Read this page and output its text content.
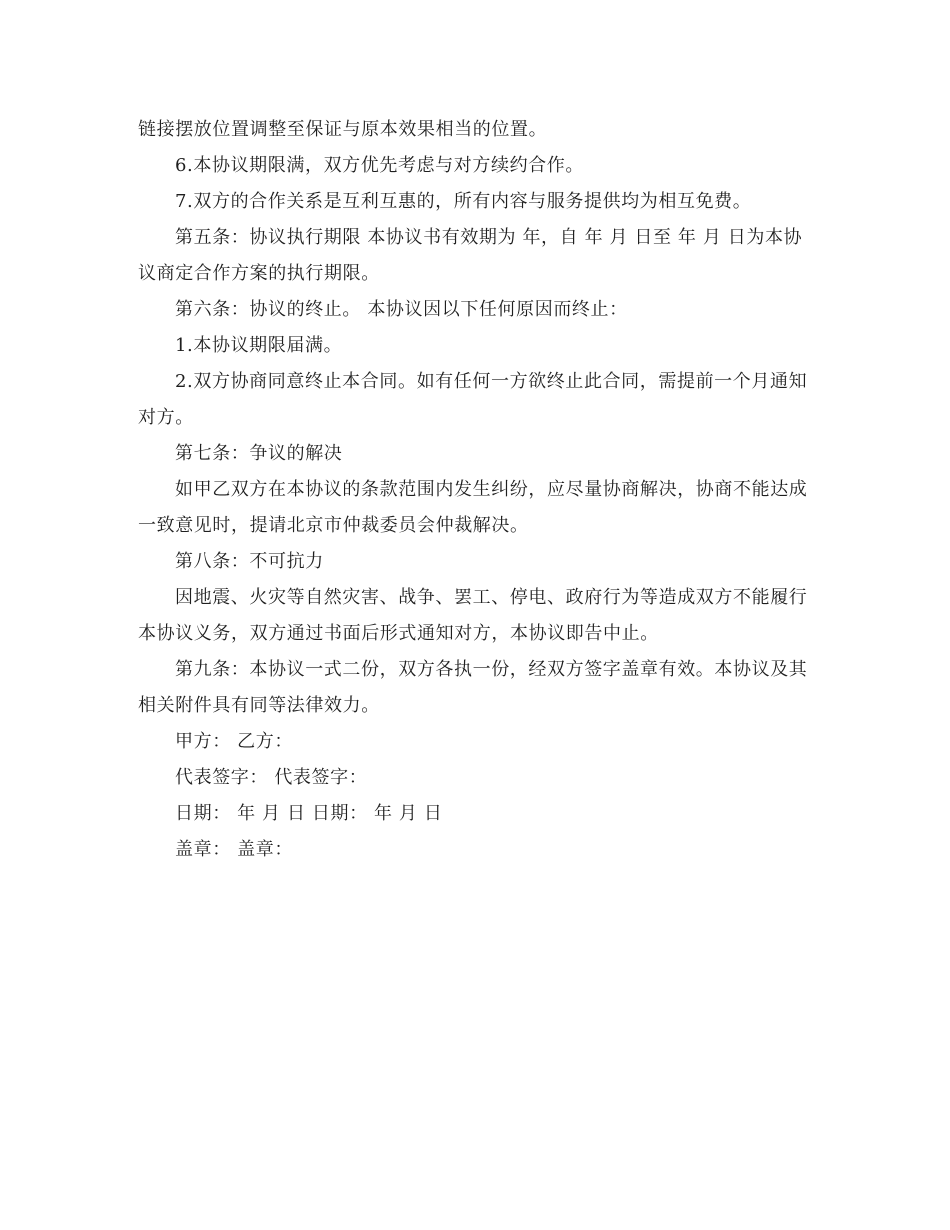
链接摆放位置调整至保证与原本效果相当的位置。

6.本协议期限满，双方优先考虑与对方续约合作。

7.双方的合作关系是互利互惠的，所有内容与服务提供均为相互免费。

第五条：协议执行期限 本协议书有效期为 年，自 年 月 日至 年 月 日为本协议商定合作方案的执行期限。

第六条：协议的终止。 本协议因以下任何原因而终止：

1.本协议期限届满。

2.双方协商同意终止本合同。如有任何一方欲终止此合同，需提前一个月通知对方。

第七条：争议的解决

如甲乙双方在本协议的条款范围内发生纠纷，应尽量协商解决，协商不能达成一致意见时，提请北京市仲裁委员会仲裁解决。

第八条：不可抗力

因地震、火灾等自然灾害、战争、罢工、停电、政府行为等造成双方不能履行本协议义务，双方通过书面后形式通知对方，本协议即告中止。

第九条：本协议一式二份，双方各执一份，经双方签字盖章有效。本协议及其相关附件具有同等法律效力。

甲方： 乙方：

代表签字： 代表签字：

日期： 年 月 日 日期： 年 月 日

盖章： 盖章：
